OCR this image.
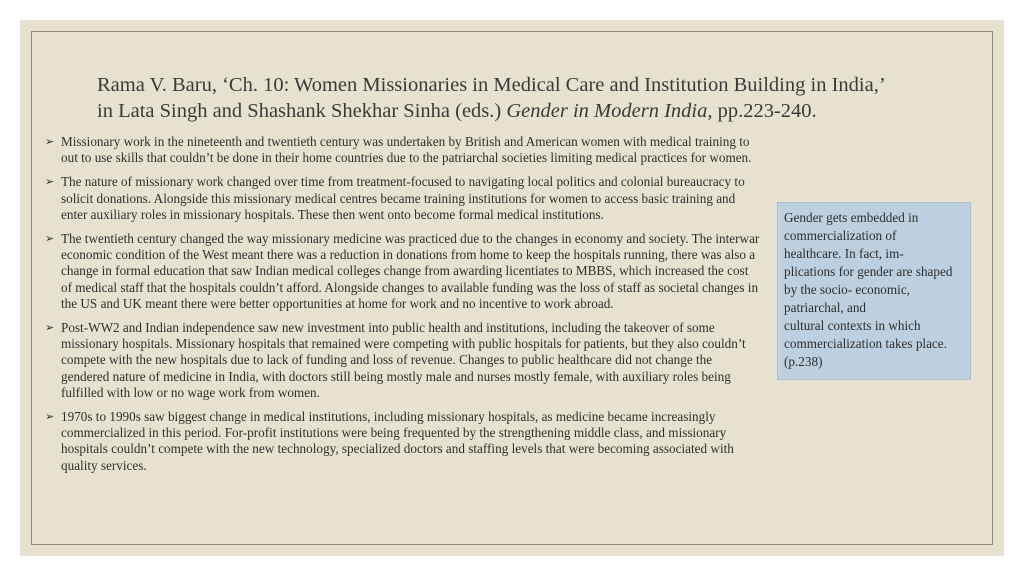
Rama V. Baru, ‘Ch. 10: Women Missionaries in Medical Care and Institution Building in India,’
in Lata Singh and Shashank Shekhar Sinha (eds.) Gender in Modern India, pp.223-240.
➢ Missionary work in the nineteenth and twentieth century was undertaken by British and American women with medical training to out to use skills that couldn’t be done in their home countries due to the patriarchal societies limiting medical practices for women.
➢ The nature of missionary work changed over time from treatment-focused to navigating local politics and colonial bureaucracy to solicit donations. Alongside this missionary medical centres became training institutions for women to access basic training and enter auxiliary roles in missionary hospitals. These then went onto become formal medical institutions.
➢ The twentieth century changed the way missionary medicine was practiced due to the changes in economy and society. The interwar economic condition of the West meant there was a reduction in donations from home to keep the hospitals running, there was also a change in formal education that saw Indian medical colleges change from awarding licentiates to MBBS, which increased the cost of medical staff that the hospitals couldn’t afford. Alongside changes to available funding was the loss of staff as societal changes in the US and UK meant there were better opportunities at home for work and no incentive to work abroad.
➢ Post-WW2 and Indian independence saw new investment into public health and institutions, including the takeover of some missionary hospitals. Missionary hospitals that remained were competing with public hospitals for patients, but they also couldn’t compete with the new hospitals due to lack of funding and loss of revenue. Changes to public healthcare did not change the gendered nature of medicine in India, with doctors still being mostly male and nurses mostly female, with auxiliary roles being fulfilled with low or no wage work from women.
➢ 1970s to 1990s saw biggest change in medical institutions, including missionary hospitals, as medicine became increasingly commercialized in this period. For-profit institutions were being frequented by the strengthening middle class, and missionary hospitals couldn’t compete with the new technology, specialized doctors and staffing levels that were becoming associated with quality services.
Gender gets embedded in
commercialization of
healthcare. In fact, im-
plications for gender are shaped
by the socio- economic,
patriarchal, and
cultural contexts in which
commercialization takes place.
(p.238)
